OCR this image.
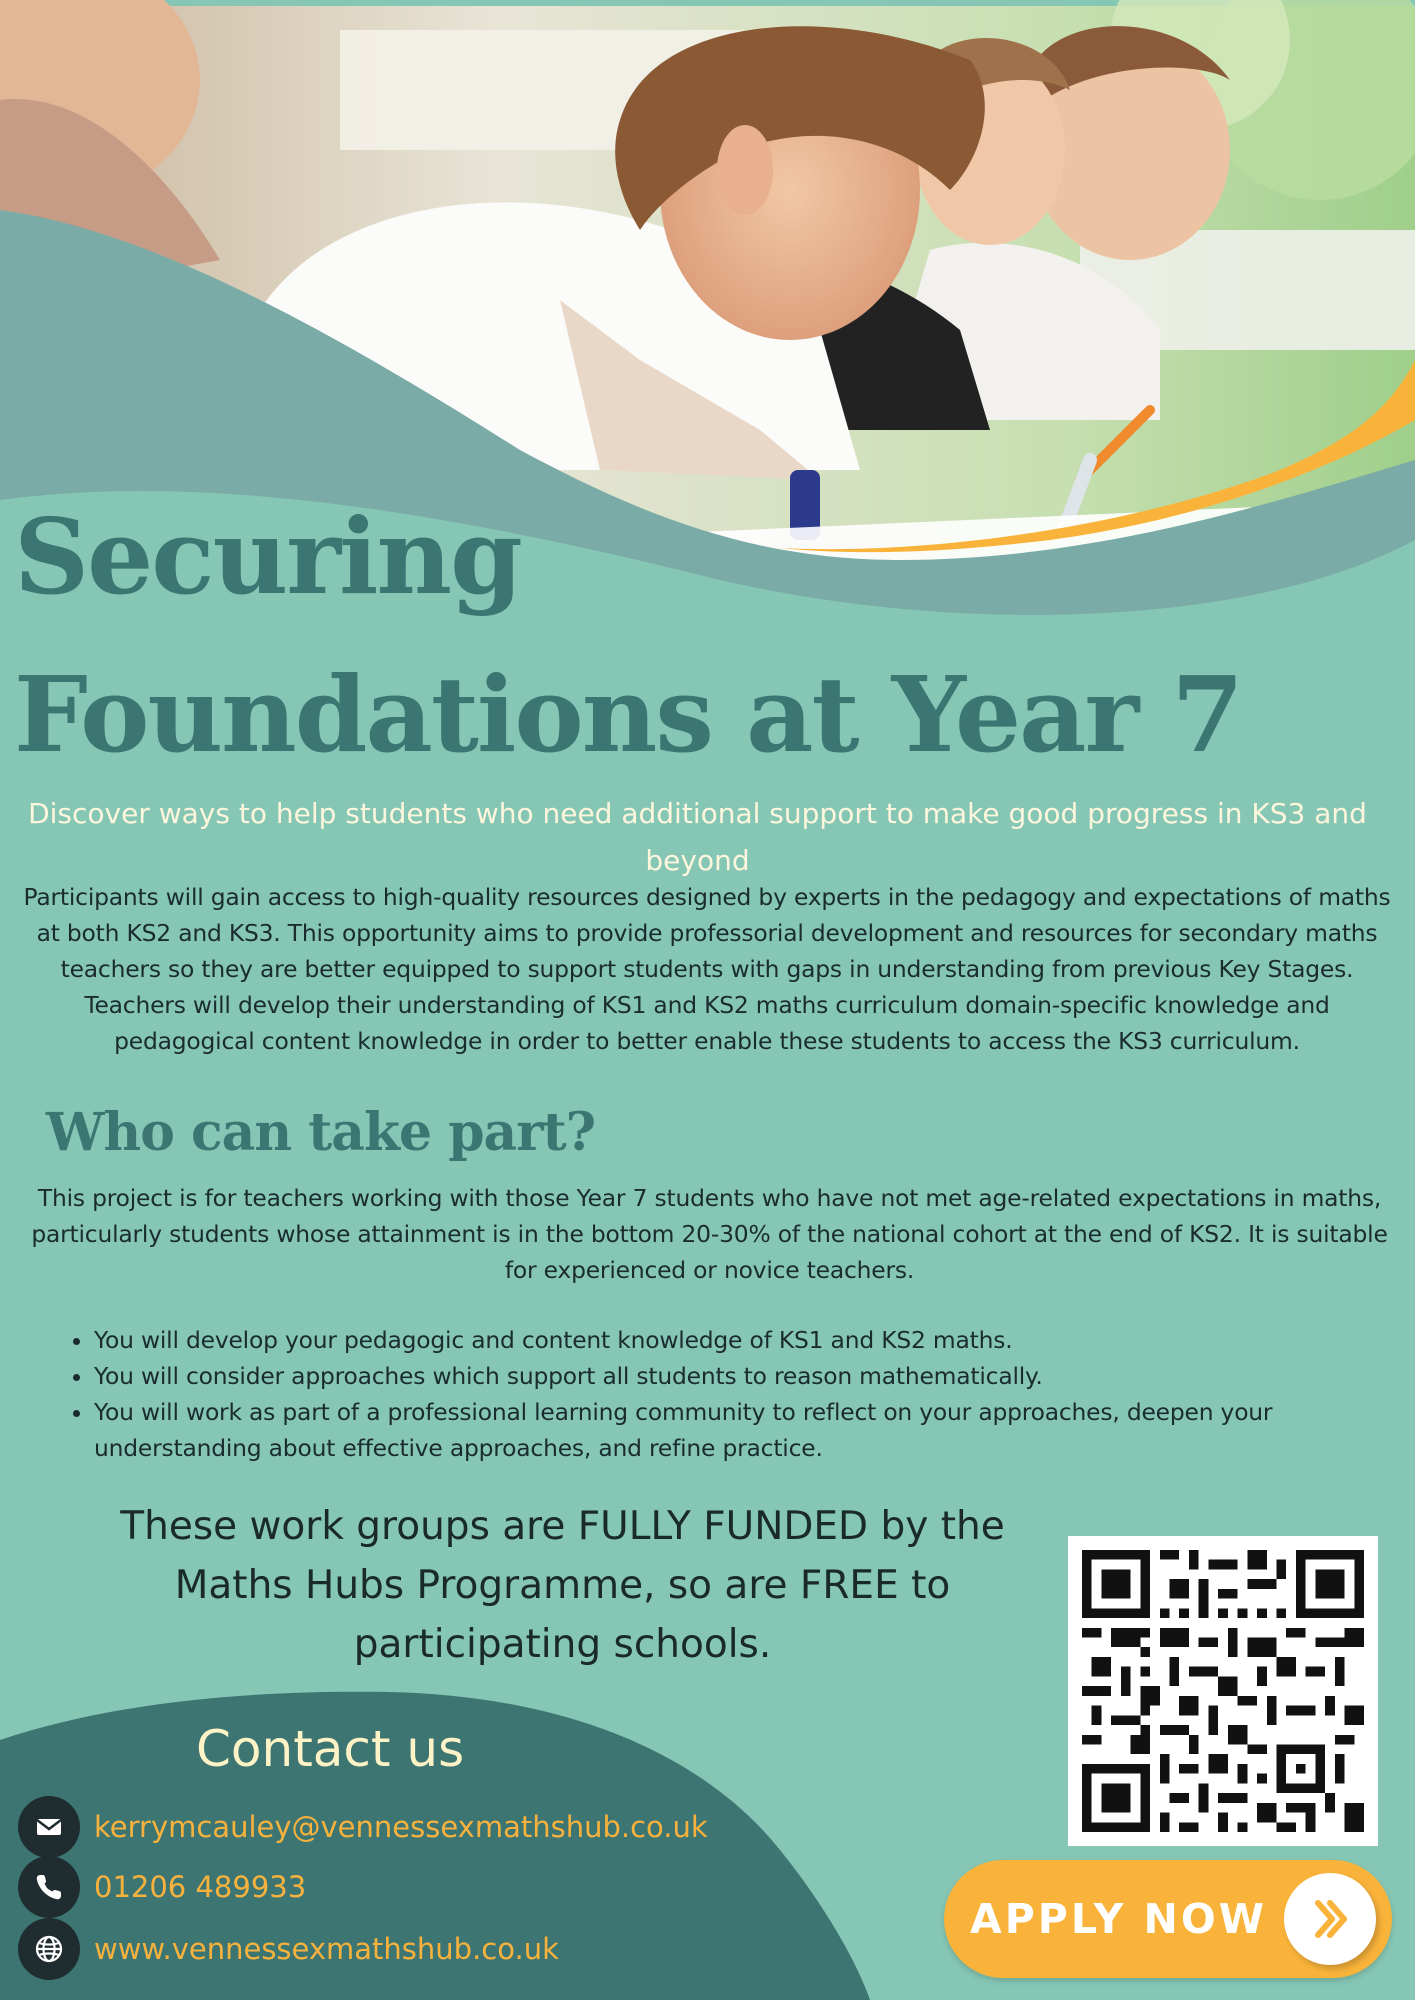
Securing
Foundations at Year 7
Discover ways to help students who need additional support to make good progress in KS3 and beyond

Participants will gain access to high-quality resources designed by experts in the pedagogy and expectations of maths at both KS2 and KS3. This opportunity aims to provide professorial development and resources for secondary maths teachers so they are better equipped to support students with gaps in understanding from previous Key Stages. Teachers will develop their understanding of KS1 and KS2 maths curriculum domain-specific knowledge and pedagogical content knowledge in order to better enable these students to access the KS3 curriculum.

Who can take part?

This project is for teachers working with those Year 7 students who have not met age-related expectations in maths, particularly students whose attainment is in the bottom 20-30% of the national cohort at the end of KS2. It is suitable for experienced or novice teachers.

• You will develop your pedagogic and content knowledge of KS1 and KS2 maths.
• You will consider approaches which support all students to reason mathematically.
• You will work as part of a professional learning community to reflect on your approaches, deepen your understanding about effective approaches, and refine practice.

These work groups are FULLY FUNDED by the Maths Hubs Programme, so are FREE to participating schools.

Contact us
kerrymcauley@vennessexmathshub.co.uk
01206 489933
www.vennessexmathshub.co.uk
APPLY NOW
